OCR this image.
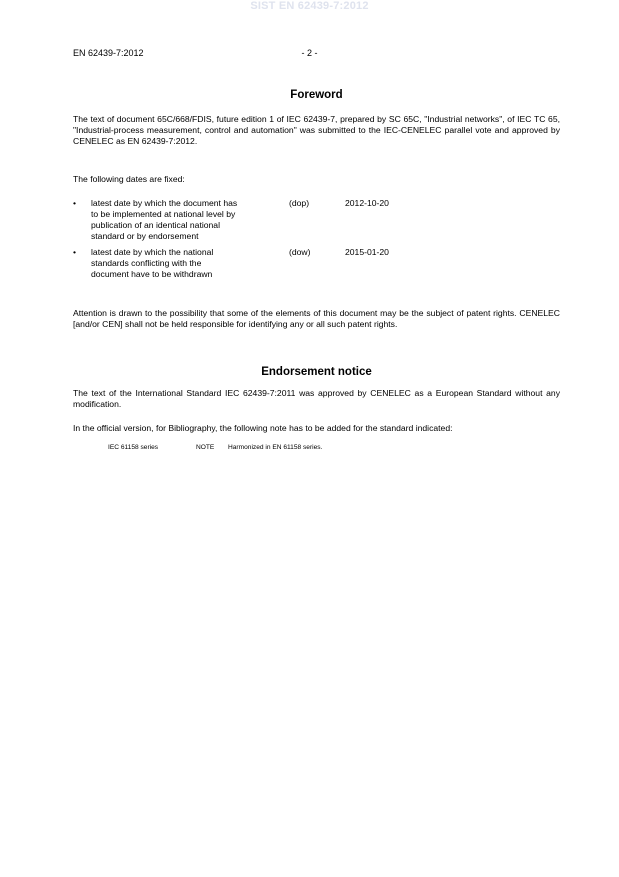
SIST EN 62439-7:2012
EN 62439-7:2012	- 2 -
Foreword
The text of document 65C/668/FDIS, future edition 1 of IEC 62439-7, prepared by SC 65C, "Industrial networks", of IEC TC 65, "Industrial-process measurement, control and automation" was submitted to the IEC-CENELEC parallel vote and approved by CENELEC as EN 62439-7:2012.
The following dates are fixed:
• latest date by which the document has
to be implemented at national level by
publication of an identical national
standard or by endorsement
(dop)	2012-10-20
• latest date by which the national
standards conflicting with the
document have to be withdrawn
(dow)	2015-01-20
Attention is drawn to the possibility that some of the elements of this document may be the subject of patent rights. CENELEC [and/or CEN] shall not be held responsible for identifying any or all such patent rights.
Endorsement notice
The text of the International Standard IEC 62439-7:2011 was approved by CENELEC as a European Standard without any modification.
In the official version, for Bibliography, the following note has to be added for the standard indicated:
IEC 61158 series	NOTE Harmonized in EN 61158 series.
